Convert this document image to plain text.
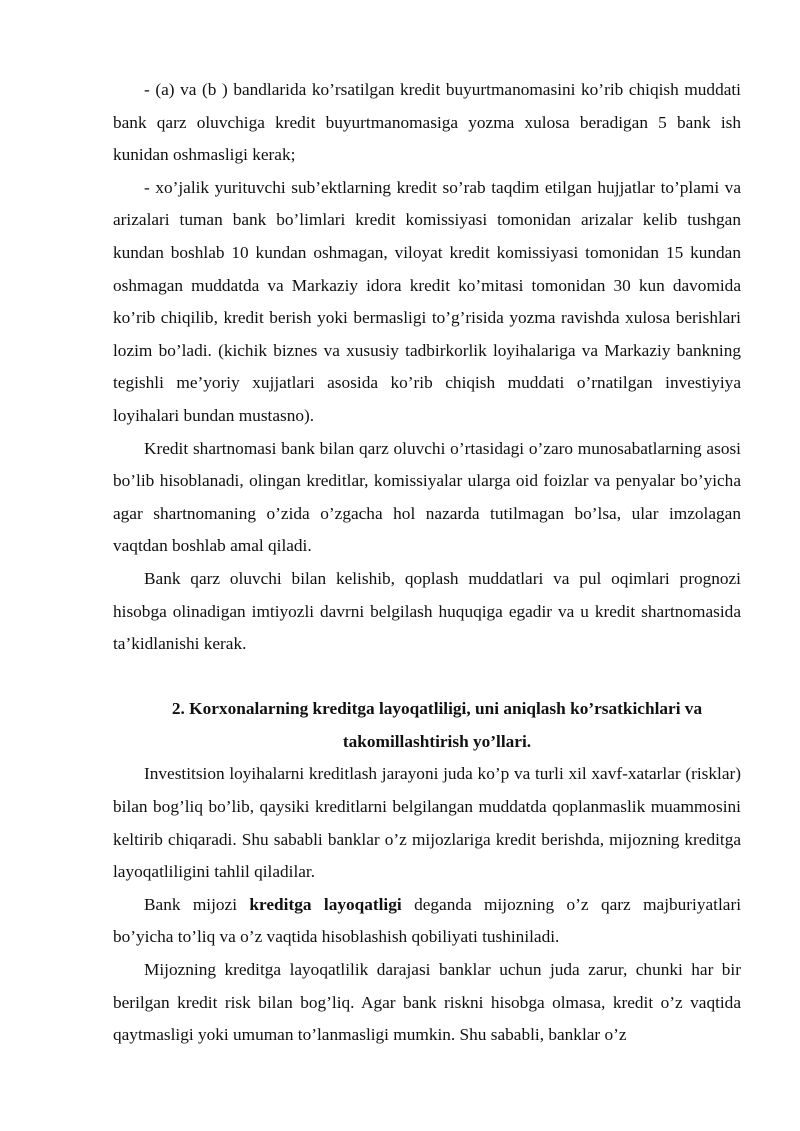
- (a) va (b ) bandlarida ko’rsatilgan kredit buyurtmanomasini ko’rib chiqish muddati bank qarz oluvchiga kredit buyurtmanomasiga yozma xulosa beradigan 5 bank ish kunidan oshmasligi kerak;

- xo’jalik yurituvchi sub’ektlarning kredit so’rab taqdim etilgan hujjatlar to’plami va arizalari tuman bank bo’limlari kredit komissiyasi tomonidan arizalar kelib tushgan kundan boshlab 10 kundan oshmagan, viloyat kredit komissiyasi tomonidan 15 kundan oshmagan muddatda va Markaziy idora kredit ko’mitasi tomonidan 30 kun davomida ko’rib chiqilib, kredit berish yoki bermasligi to’g’risida yozma ravishda xulosa berishlari lozim bo’ladi. (kichik biznes va xususiy tadbirkorlik loyihalariga va Markaziy bankning tegishli me’yoriy xujjatlari asosida ko’rib chiqish muddati o’rnatilgan investiyiya loyihalari bundan mustasno).

Kredit shartnomasi bank bilan qarz oluvchi o’rtasidagi o’zaro munosabatlarning asosi bo’lib hisoblanadi, olingan kreditlar, komissiyalar ularga oid foizlar va penyalar bo’yicha agar shartnomaning o’zida o’zgacha hol nazarda tutilmagan bo’lsa, ular imzolagan vaqtdan boshlab amal qiladi.

Bank qarz oluvchi bilan kelishib, qoplash muddatlari va pul oqimlari prognozi hisobga olinadigan imtiyozli davrni belgilash huquqiga egadir va u kredit shartnomasida ta’kidlanishi kerak.

2. Korxonalarning kreditga layoqatliligi, uni aniqlash ko’rsatkichlari va
takomillashtirish yo’llari.

Investitsion loyihalarni kreditlash jarayoni juda ko’p va turli xil xavf-xatarlar (risklar) bilan bog’liq bo’lib, qaysiki kreditlarni belgilangan muddatda qoplanmaslik muammosini keltirib chiqaradi. Shu sababli banklar o’z mijozlariga kredit berishda, mijozning kreditga layoqatliligini tahlil qiladilar.

Bank mijozi kreditga layoqatligi deganda mijozning o’z qarz majburiyatlari bo’yicha to’liq va o’z vaqtida hisoblashish qobiliyati tushiniladi.

Mijozning kreditga layoqatlilik darajasi banklar uchun juda zarur, chunki har bir berilgan kredit risk bilan bog’liq. Agar bank riskni hisobga olmasa, kredit o’z vaqtida qaytmasligi yoki umuman to’lanmasligi mumkin. Shu sababli, banklar o’z
